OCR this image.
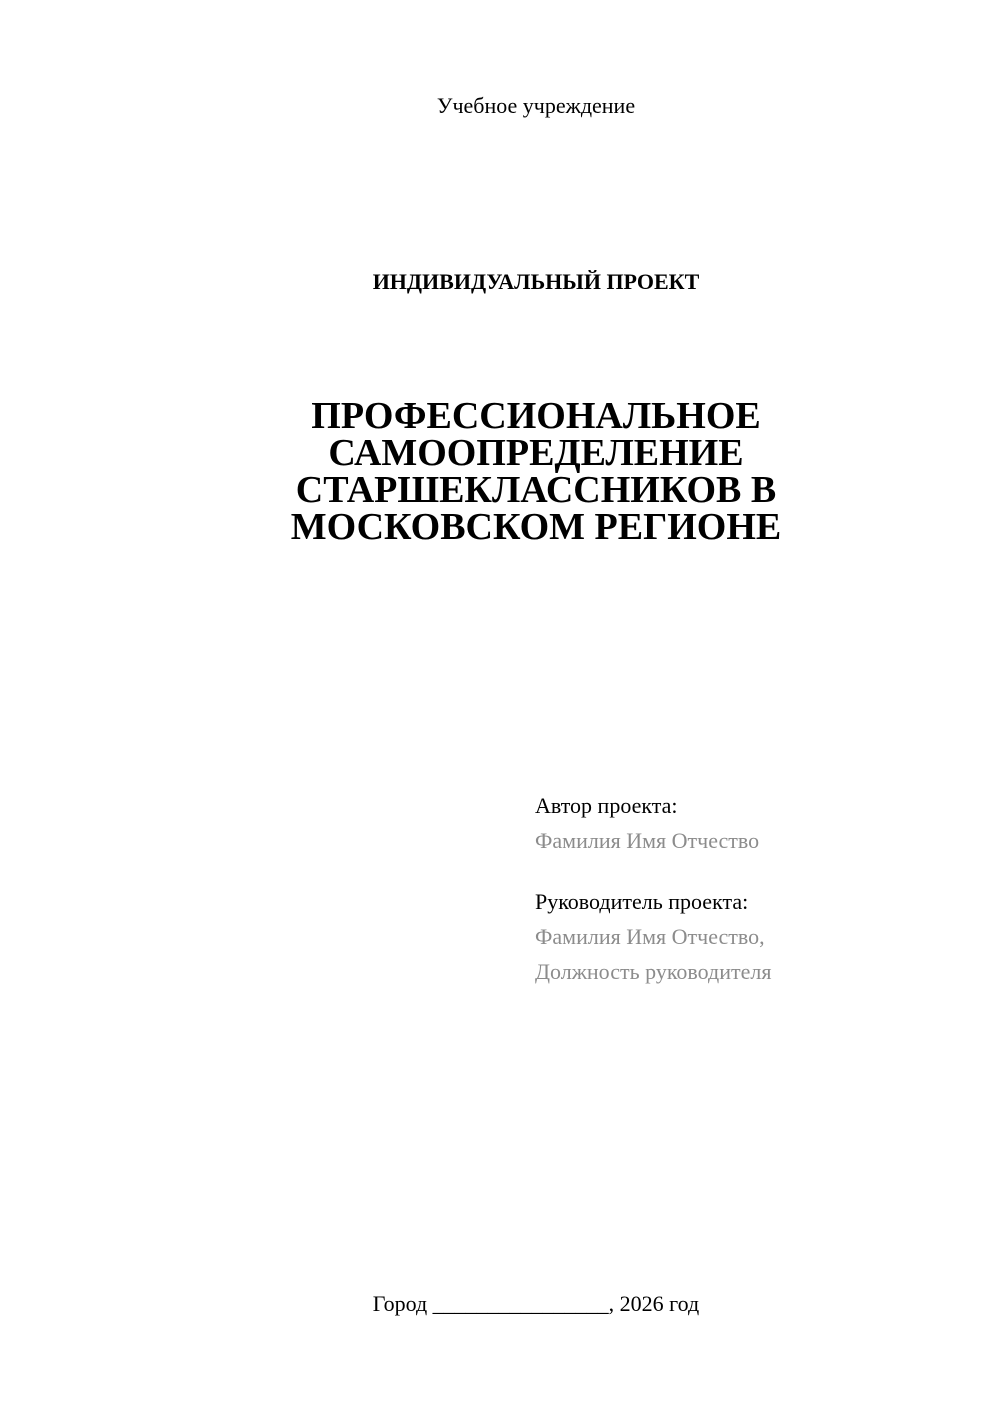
Учебное учреждение
ИНДИВИДУАЛЬНЫЙ ПРОЕКТ
ПРОФЕССИОНАЛЬНОЕ
САМООПРЕДЕЛЕНИЕ
СТАРШЕКЛАССНИКОВ В
МОСКОВСКОМ РЕГИОНЕ
Автор проекта:
Фамилия Имя Отчество
Руководитель проекта:
Фамилия Имя Отчество,
Должность руководителя
Город ________________, 2026 год
